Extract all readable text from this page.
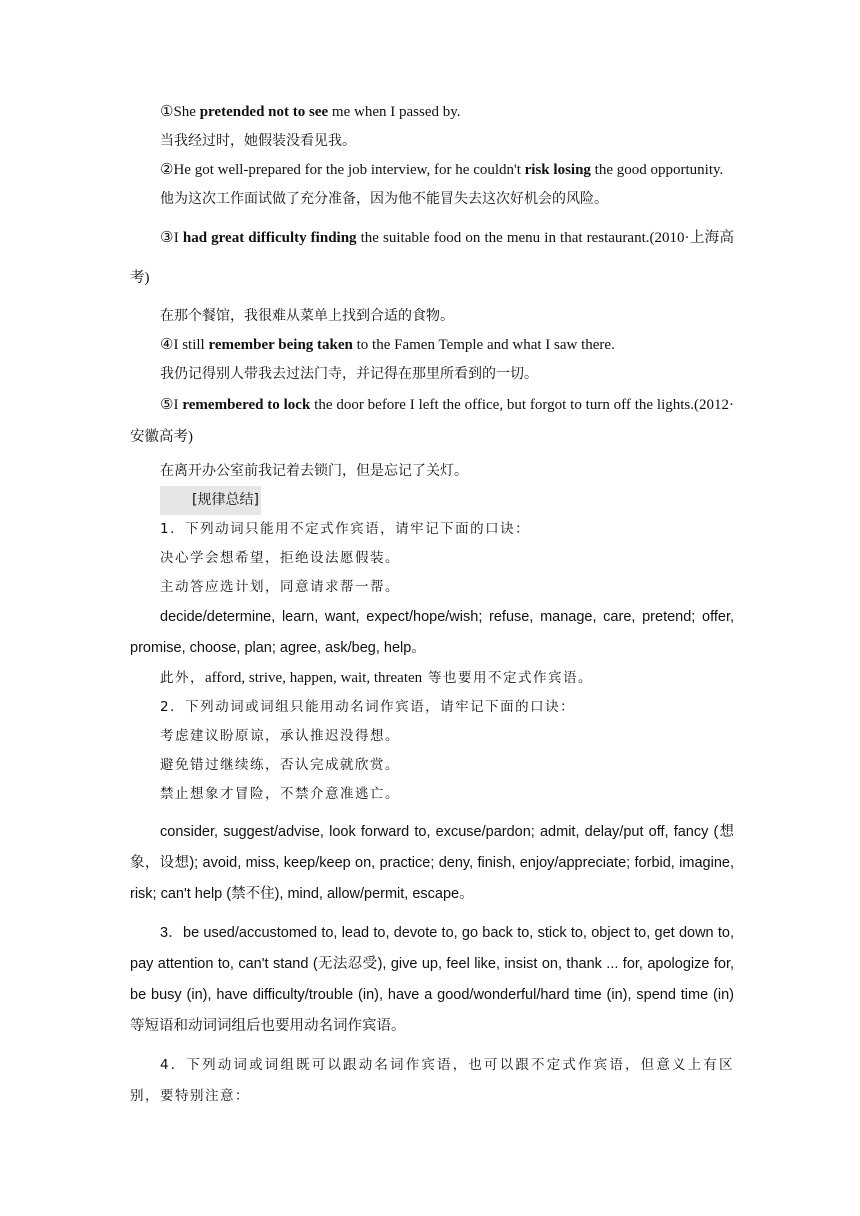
①She pretended not to see me when I passed by.

当我经过时，她假装没看见我。

②He got well-prepared for the job interview, for he couldn't risk losing the good opportunity.

他为这次工作面试做了充分准备，因为他不能冒失去这次好机会的风险。

③I had great difficulty finding the suitable food on the menu in that restaurant.(2010·上海高考)

在那个餐馆，我很难从菜单上找到合适的食物。

④I still remember being taken to the Famen Temple and what I saw there.

我仍记得别人带我去过法门寺，并记得在那里所看到的一切。

⑤I remembered to lock the door before I left the office, but forgot to turn off the lights.(2012·安徽高考)

在离开办公室前我记着去锁门，但是忘记了关灯。

[规律总结]

1．下列动词只能用不定式作宾语，请牢记下面的口诀：

决心学会想希望，拒绝设法愿假装。

主动答应选计划，同意请求帮一帮。

decide/determine, learn, want, expect/hope/wish; refuse, manage, care, pretend; offer, promise, choose, plan; agree, ask/beg, help。

此外，afford, strive, happen, wait, threaten 等也要用不定式作宾语。

2．下列动词或词组只能用动名词作宾语，请牢记下面的口诀：

考虑建议盼原谅，承认推迟没得想。

避免错过继续练，否认完成就欣赏。

禁止想象才冒险，不禁介意准逃亡。

consider, suggest/advise, look forward to, excuse/pardon; admit, delay/put off, fancy (想象，设想); avoid, miss, keep/keep on, practice; deny, finish, enjoy/appreciate; forbid, imagine, risk; can't help (禁不住), mind, allow/permit, escape。

3．be used/accustomed to, lead to, devote to, go back to, stick to, object to, get down to, pay attention to, can't stand (无法忍受), give up, feel like, insist on, thank ... for, apologize for, be busy (in), have difficulty/trouble (in), have a good/wonderful/hard time (in), spend time (in)等短语和动词词组后也要用动名词作宾语。

4．下列动词或词组既可以跟动名词作宾语，也可以跟不定式作宾语，但意义上有区别，要特别注意：
